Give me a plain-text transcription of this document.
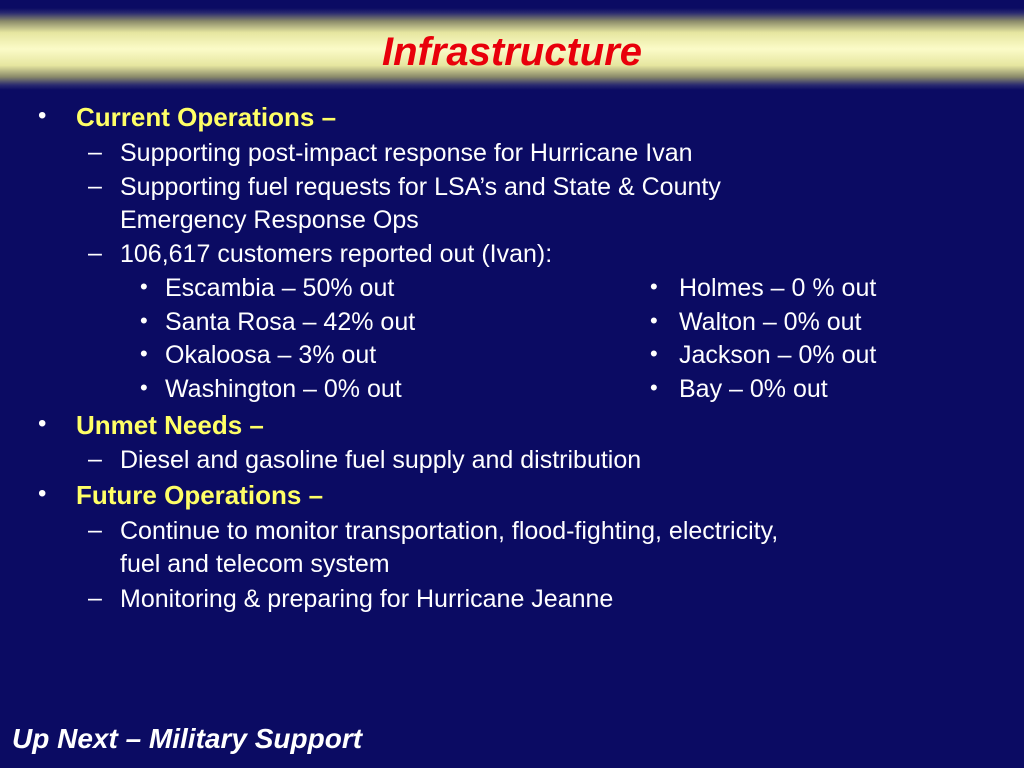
Infrastructure
• Current Operations –
– Supporting post-impact response for Hurricane Ivan
– Supporting fuel requests for LSA’s and State & County
Emergency Response Ops
– 106,617 customers reported out (Ivan):
• Escambia – 50% out
• Santa Rosa – 42% out
• Okaloosa – 3% out
• Washington – 0% out
• Holmes – 0 % out
• Walton – 0% out
• Jackson – 0% out
• Bay – 0% out
• Unmet Needs –
– Diesel and gasoline fuel supply and distribution
• Future Operations –
– Continue to monitor transportation, flood-fighting, electricity,
fuel and telecom system
– Monitoring & preparing for Hurricane Jeanne
Up Next – Military Support
